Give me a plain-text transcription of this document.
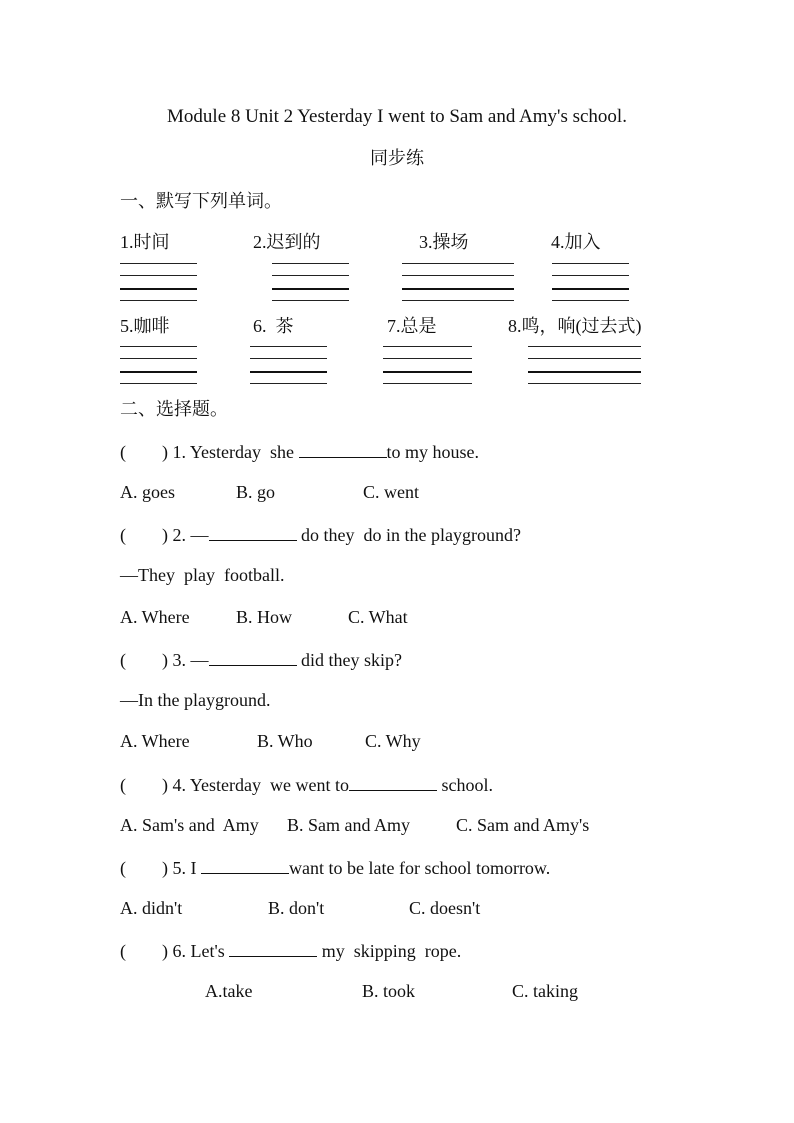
Module 8 Unit 2 Yesterday I went to Sam and Amy's school.
同步练
一、默写下列单词。
1.时间	2.迟到的	3.操场	4.加入
5.咖啡	6.  茶	7.总是	8.鸣，响(过去式)
二、选择题。
(        ) 1. Yesterday  she	to my house.
A. goes	B. go	C. went
(        ) 2. —	do they  do in the playground?
—They  play  football.
A. Where	B. How	C. What
(        ) 3. —	did they skip?
—In the playground.
A. Where	B. Who	C. Why
(        ) 4. Yesterday  we went to	school.
A. Sam's and  Amy B. Sam and Amy	C. Sam and Amy's
(        ) 5. I	want to be late for school tomorrow.
A. didn't	B. don't	C. doesn't
(        ) 6. Let's	my  skipping  rope.
A.take	B. took	C. taking
